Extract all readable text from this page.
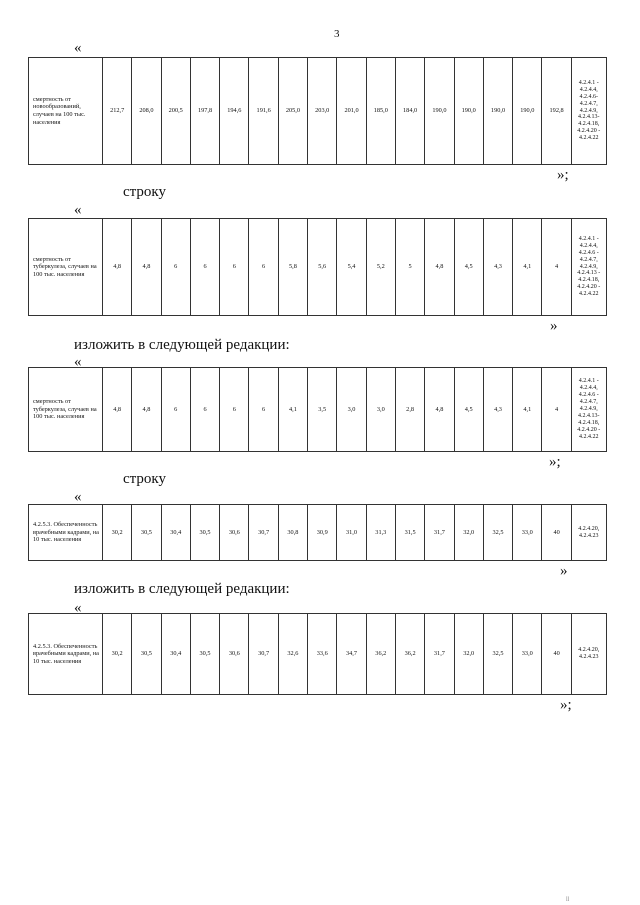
3
«
смертность от новообразований, случаев на 100 тыс. населения	212,7	208,0	200,5	197,8	194,6	191,6	205,0	203,0	201,0	185,0	184,0	190,0	190,0	190,0	190,0	192,8	4.2.4.1 - 4.2.4.4, 4.2.4.6- 4.2.4.7, 4.2.4.9, 4.2.4.13- 4.2.4.18, 4.2.4.20 - 4.2.4.22
»;
строку
«
смертность от туберкулеза, случаев на 100 тыс. населения	4,8	4,8	6	6	6	6	5,8	5,6	5,4	5,2	5	4,8	4,5	4,3	4,1	4	4.2.4.1 - 4.2.4.4, 4.2.4.6 - 4.2.4.7, 4.2.4.9, 4.2.4.13 - 4.2.4.18, 4.2.4.20 - 4.2.4.22
»
изложить в следующей редакции:
«
смертность от туберкулеза, случаев на 100 тыс. населения	4,8	4,8	6	6	6	6	4,1	3,5	3,0	3,0	2,8	4,8	4,5	4,3	4,1	4	4.2.4.1 - 4.2.4.4, 4.2.4.6 - 4.2.4.7, 4.2.4.9, 4.2.4.13- 4.2.4.18, 4.2.4.20 - 4.2.4.22
»;
строку
«
4.2.5.3. Обеспеченность врачебными кадрами, на 10 тыс. населения	30,2	30,5	30,4	30,5	30,6	30,7	30,8	30,9	31,0	31,3	31,5	31,7	32,0	32,5	33,0	40	4.2.4.20, 4.2.4.23
»
изложить в следующей редакции:
«
4.2.5.3. Обеспеченность врачебными кадрами, на 10 тыс. населения	30,2	30,5	30,4	30,5	30,6	30,7	32,6	33,6	34,7	36,2	36,2	31,7	32,0	32,5	33,0	40	4.2.4.20, 4.2.4.23
»;
ll
